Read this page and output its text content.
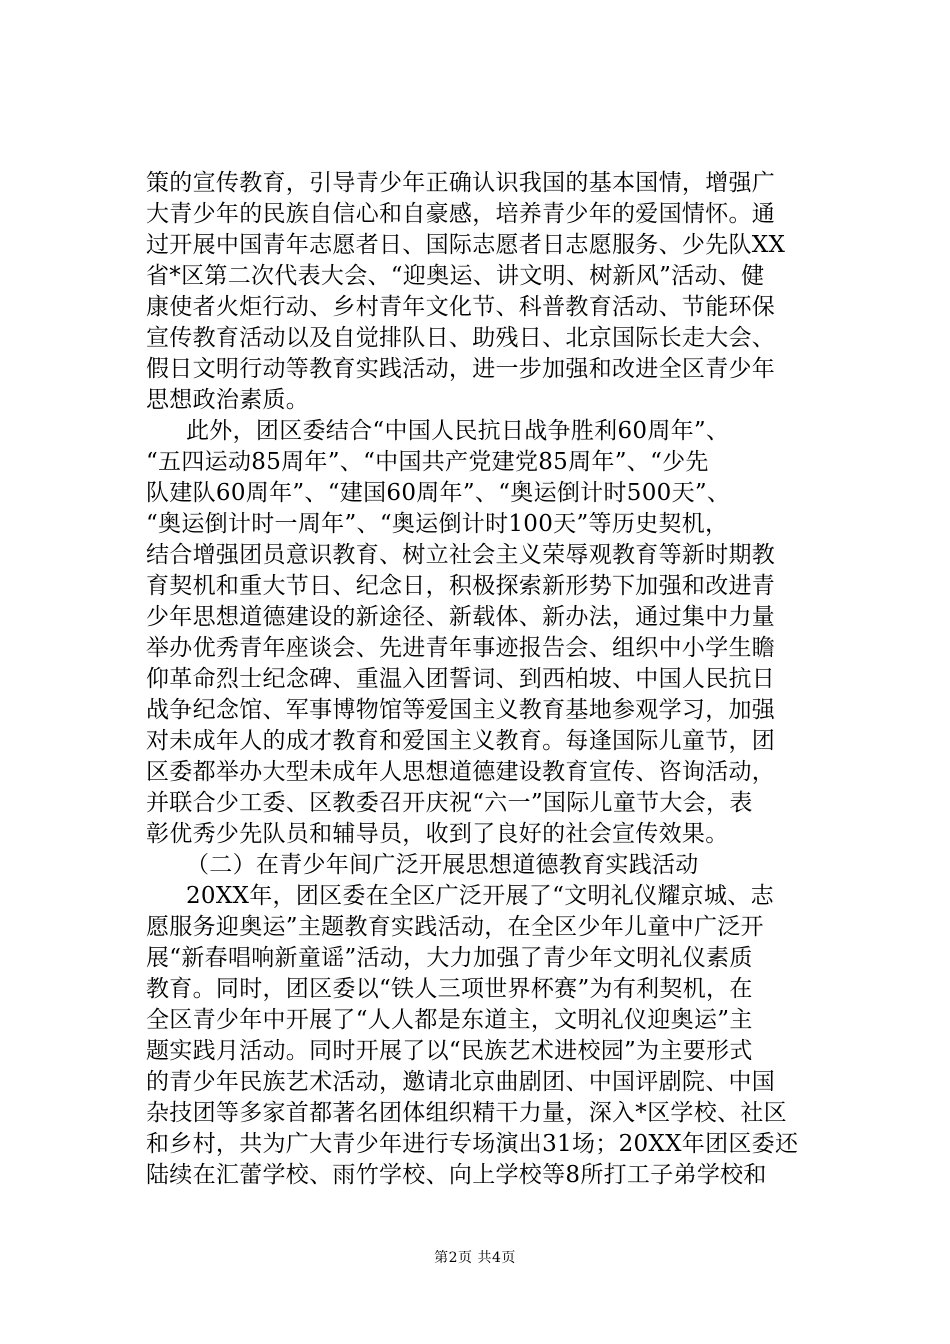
策的宣传教育，引导青少年正确认识我国的基本国情，增强广
大青少年的民族自信心和自豪感，培养青少年的爱国情怀。通
过开展中国青年志愿者日、国际志愿者日志愿服务、少先队XX
省*区第二次代表大会、“迎奥运、讲文明、树新风”活动、健
康使者火炬行动、乡村青年文化节、科普教育活动、节能环保
宣传教育活动以及自觉排队日、助残日、北京国际长走大会、
假日文明行动等教育实践活动，进一步加强和改进全区青少年
思想政治素质。
此外，团区委结合“中国人民抗日战争胜利60周年”、
“五四运动85周年”、“中国共产党建党85周年”、“少先
队建队60周年”、“建国60周年”、“奥运倒计时500天”、
“奥运倒计时一周年”、“奥运倒计时100天”等历史契机，
结合增强团员意识教育、树立社会主义荣辱观教育等新时期教
育契机和重大节日、纪念日，积极探索新形势下加强和改进青
少年思想道德建设的新途径、新载体、新办法，通过集中力量
举办优秀青年座谈会、先进青年事迹报告会、组织中小学生瞻
仰革命烈士纪念碑、重温入团誓词、到西柏坡、中国人民抗日
战争纪念馆、军事博物馆等爱国主义教育基地参观学习，加强
对未成年人的成才教育和爱国主义教育。每逢国际儿童节，团
区委都举办大型未成年人思想道德建设教育宣传、咨询活动，
并联合少工委、区教委召开庆祝“六一”国际儿童节大会，表
彰优秀少先队员和辅导员，收到了良好的社会宣传效果。
（二）在青少年间广泛开展思想道德教育实践活动
20XX年，团区委在全区广泛开展了“文明礼仪耀京城、志
愿服务迎奥运”主题教育实践活动，在全区少年儿童中广泛开
展“新春唱响新童谣”活动，大力加强了青少年文明礼仪素质
教育。同时，团区委以“铁人三项世界杯赛”为有利契机，在
全区青少年中开展了“人人都是东道主，文明礼仪迎奥运”主
题实践月活动。同时开展了以“民族艺术进校园”为主要形式
的青少年民族艺术活动，邀请北京曲剧团、中国评剧院、中国
杂技团等多家首都著名团体组织精干力量，深入*区学校、社区
和乡村，共为广大青少年进行专场演出31场；20XX年团区委还
陆续在汇蕾学校、雨竹学校、向上学校等8所打工子弟学校和
第2页 共4页
